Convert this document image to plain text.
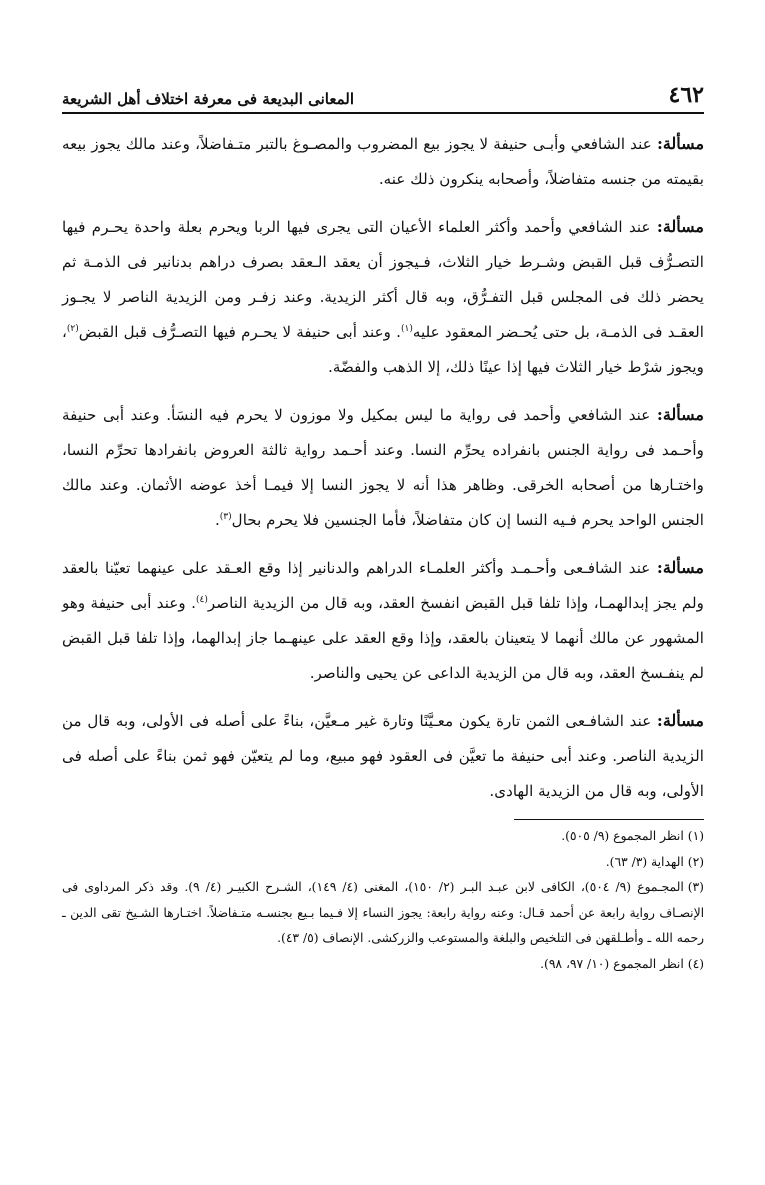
٤٦٢
المعانى البديعة فى معرفة اختلاف أهل الشريعة

مسألة: عند الشافعي وأبـى حنيفة لا يجوز بيع المضروب والمصـوغ بالتبر متـفاضلاً، وعند مالك يجوز بيعه بقيمته من جنسه متفاضلاً، وأصحابه ينكرون ذلك عنه.

مسألة: عند الشافعي وأحمد وأكثر العلماء الأعيان التى يجرى فيها الربا ويحرم بعلة واحدة يحـرم فيها التصـرُّف قبل القبض وشـرط خيار الثلاث، فـيجوز أن يعقد الـعقد بصرف دراهم بدنانير فى الذمـة ثم يحضر ذلك فى المجلس قبل التفـرُّق، وبه قال أكثر الزيدية. وعند زفـر ومن الزيدية الناصر لا يجـوز العقـد فى الذمـة، بل حتى يُحـضر المعقود عليه$^{(١)}$. وعند أبى حنيفة لا يحـرم فيها التصـرُّف قبل القبض$^{(٢)}$، ويجوز شرْط خيار الثلاث فيها إذا عينًا ذلك، إلا الذهب والفضّة.

مسألة: عند الشافعي وأحمد فى رواية ما ليس بمكيل ولا موزون لا يحرم فيه النسَأ. وعند أبى حنيفة وأحـمد فى رواية الجنس بانفراده يحرِّم النسا. وعند أحـمد رواية ثالثة العروض بانفرادها تحرِّم النسا، واختـارها من أصحابه الخرقى. وظاهر هذا أنه لا يجوز النسا إلا فيمـا أخذ عوضه الأثمان. وعند مالك الجنس الواحد يحرم فـيه النسا إن كان متفاضلاً، فأما الجنسين فلا يحرم بحال$^{(٣)}$.

مسألة: عند الشافـعى وأحـمـد وأكثر العلمـاء الدراهم والدنانير إذا وقع العـقد على عينهما تعيّنا بالعقد ولم يجز إبدالهمـا، وإذا تلفا قبل القبض انفسخ العقد، وبه قال من الزيدية الناصر$^{(٤)}$. وعند أبى حنيفة وهو المشهور عن مالك أنهما لا يتعينان بالعقد، وإذا وقع العقد على عينهـما جاز إبدالهما، وإذا تلفا قبل القبض لم ينفـسخ العقد، وبه قال من الزيدية الداعى عن يحيى والناصر.

مسألة: عند الشافـعى الثمن تارة يكون معـيَّنًا وتارة غير مـعيَّن، بناءً على أصله فى الأولى، وبه قال من الزيدية الناصر. وعند أبى حنيفة ما تعيَّن فى العقود فهو مبيع، وما لم يتعيّن فهو ثمن بناءً على أصله فى الأولى، وبه قال من الزيدية الهادى.

(١)انظر المجموع (٩/ ٥٠٥).

(٢)الهداية (٣/ ٦٣).

(٣)المجـموع (٩/ ٥٠٤)، الكافى لابن عبـد البـر (٢/ ١٥٠)، المغنى (٤/ ١٤٩)، الشـرح الكبيـر (٤/ ٩). وقد ذكر المرداوى فى الإنصـاف رواية رابعة عن أحمد قـال: وعنه رواية رابعة: يجوز النساء إلا فـيما بـيع بجنسـه متـفاضلاً. اختـارها الشـيخ تقى الدين ـ رحمه الله ـ وأطـلقهن فى التلخيص والبلغة والمستوعب والزركشى. الإنصاف (٥/ ٤٣).

(٤)انظر المجموع (١٠/ ٩٧، ٩٨).
